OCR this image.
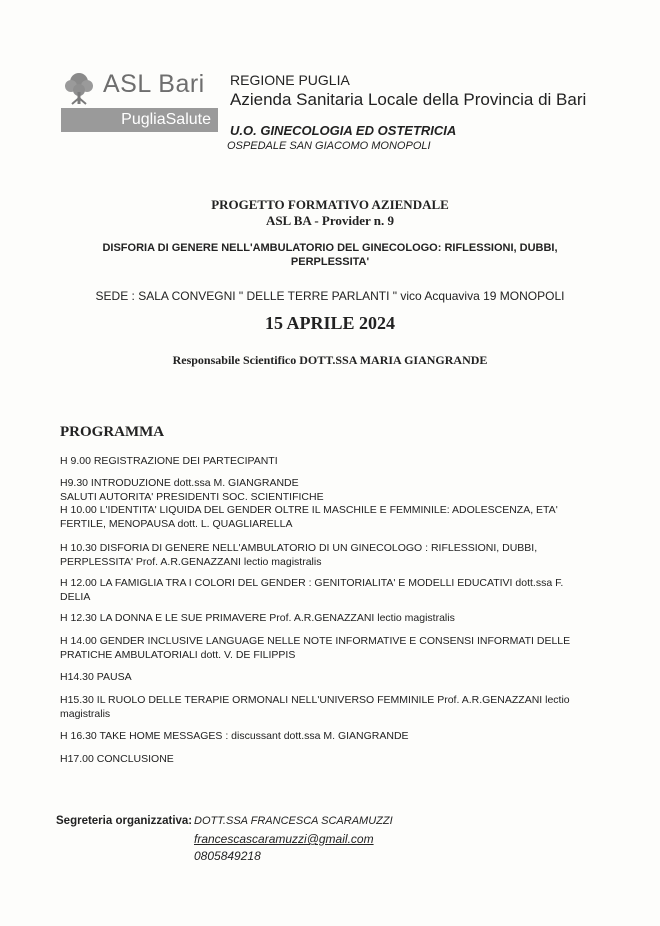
ASL Bari
PugliaSalute
REGIONE PUGLIA
Azienda Sanitaria Locale della Provincia di Bari
U.O. GINECOLOGIA ED OSTETRICIA
OSPEDALE SAN GIACOMO MONOPOLI
PROGETTO FORMATIVO AZIENDALE
ASL BA - Provider n. 9
DISFORIA DI GENERE NELL'AMBULATORIO DEL GINECOLOGO: RIFLESSIONI, DUBBI, PERPLESSITA'
SEDE : SALA CONVEGNI " DELLE TERRE PARLANTI " vico Acquaviva 19 MONOPOLI
15 APRILE 2024
Responsabile Scientifico DOTT.SSA MARIA GIANGRANDE
PROGRAMMA
H 9.00 REGISTRAZIONE DEI PARTECIPANTI
H9.30 INTRODUZIONE dott.ssa M. GIANGRANDE
SALUTI AUTORITA' PRESIDENTI SOC. SCIENTIFICHE
H 10.00 L'IDENTITA' LIQUIDA DEL GENDER OLTRE IL MASCHILE E FEMMINILE: ADOLESCENZA, ETA' FERTILE, MENOPAUSA dott. L. QUAGLIARELLA
H 10.30 DISFORIA DI GENERE NELL'AMBULATORIO DI UN GINECOLOGO : RIFLESSIONI, DUBBI, PERPLESSITA' Prof. A.R.GENAZZANI lectio magistralis
H 12.00 LA FAMIGLIA TRA I COLORI DEL GENDER : GENITORIALITA' E MODELLI EDUCATIVI dott.ssa F. DELIA
H 12.30 LA DONNA E LE SUE PRIMAVERE Prof. A.R.GENAZZANI lectio magistralis
H 14.00 GENDER INCLUSIVE LANGUAGE NELLE NOTE INFORMATIVE E CONSENSI INFORMATI DELLE PRATICHE AMBULATORIALI dott. V. DE FILIPPIS
H14.30 PAUSA
H15.30 IL RUOLO DELLE TERAPIE ORMONALI NELL'UNIVERSO FEMMINILE Prof. A.R.GENAZZANI lectio magistralis
H 16.30 TAKE HOME MESSAGES : discussant dott.ssa M. GIANGRANDE
H17.00 CONCLUSIONE
Segreteria organizzativa: DOTT.SSA FRANCESCA SCARAMUZZI
francescascaramuzzi@gmail.com
0805849218
